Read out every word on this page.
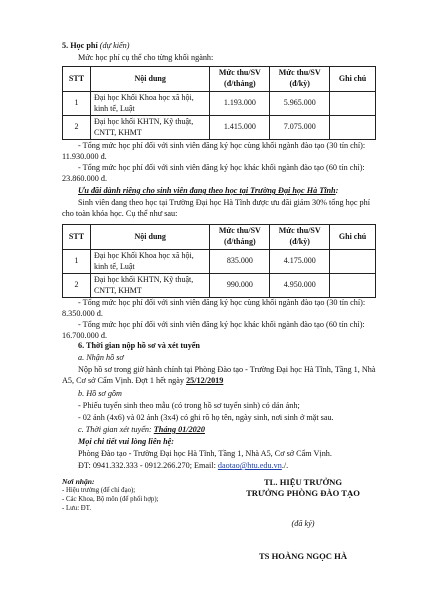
5. Học phí (dự kiến)
Mức học phí cụ thể cho từng khối ngành:
STT	Nội dung	Mức thu/SV (đ/tháng)	Mức thu/SV (đ/kỳ)	Ghi chú
1	Đại học Khối Khoa học xã hội, kinh tế, Luật	1.193.000	5.965.000	
2	Đại học khối KHTN, Kỹ thuật, CNTT, KHMT	1.415.000	7.075.000	
- Tổng mức học phí đối với sinh viên đăng ký học cùng khối ngành đào tạo (30 tín chỉ): 11.930.000 đ.
- Tổng mức học phí đối với sinh viên đăng ký học khác khối ngành đào tạo (60 tín chỉ): 23.860.000 đ.
Ưu đãi dành riêng cho sinh viên đang theo học tại Trường Đại học Hà Tĩnh:
Sinh viên đang theo học tại Trường Đại học Hà Tĩnh được ưu đãi giảm 30% tổng học phí cho toàn khóa học. Cụ thể như sau:
STT	Nội dung	Mức thu/SV (đ/tháng)	Mức thu/SV (đ/kỳ)	Ghi chú
1	Đại học Khối Khoa học xã hội, kinh tế, Luật	835.000	4.175.000	
2	Đại học khối KHTN, Kỹ thuật, CNTT, KHMT	990.000	4.950.000	
- Tổng mức học phí đối với sinh viên đăng ký học cùng khối ngành đào tạo (30 tín chỉ): 8.350.000 đ.
- Tổng mức học phí đối với sinh viên đăng ký học khác khối ngành đào tạo (60 tín chỉ): 16.700.000 đ.
6. Thời gian nộp hồ sơ và xét tuyển
a. Nhận hồ sơ
Nộp hồ sơ trong giờ hành chính tại Phòng Đào tạo - Trường Đại học Hà Tĩnh, Tầng 1, Nhà A5, Cơ sở Cẩm Vịnh. Đợt 1 hết ngày 25/12/2019
b. Hồ sơ gồm
- Phiếu tuyển sinh theo mẫu (có trong hồ sơ tuyển sinh) có dán ảnh;
- 02 ảnh (4x6) và 02 ảnh (3x4) có ghi rõ họ tên, ngày sinh, nơi sinh ở mặt sau.
c. Thời gian xét tuyển: Tháng 01/2020
Mọi chi tiết vui lòng liên hệ:
Phòng Đào tạo - Trường Đại học Hà Tĩnh, Tầng 1, Nhà A5, Cơ sở Cẩm Vịnh.
ĐT: 0941.332.333 - 0912.266.270; Email: daotao@htu.edu.vn./.
Nơi nhận:
- Hiệu trưởng (để chỉ đạo);
- Các Khoa, Bộ môn (để phối hợp);
- Lưu: ĐT.
TL. HIỆU TRƯỞNG
TRƯỞNG PHÒNG ĐÀO TẠO
(đã ký)
TS HOÀNG NGỌC HÀ
